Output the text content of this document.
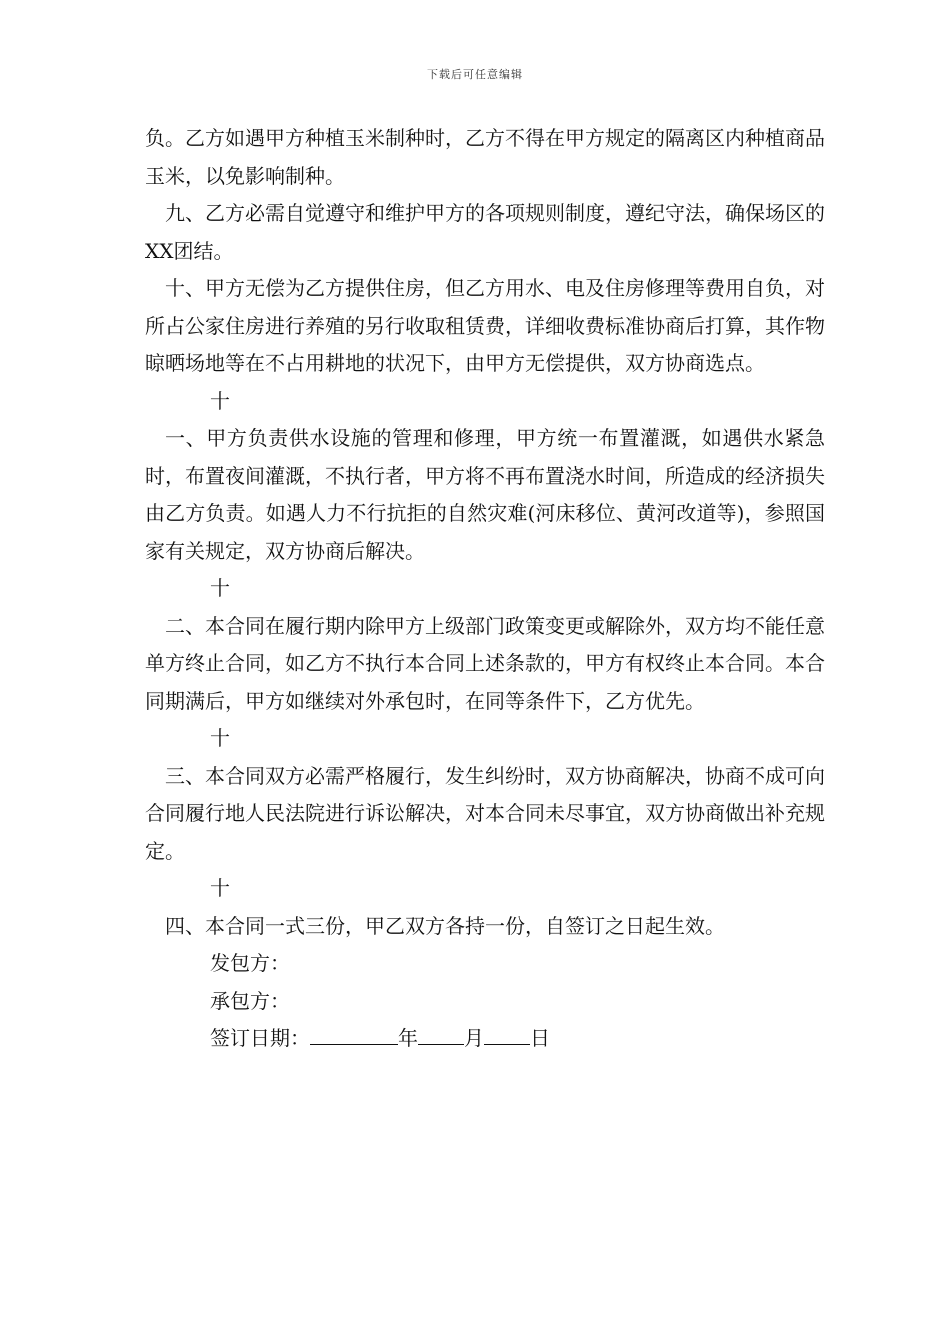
下载后可任意编辑

负。乙方如遇甲方种植玉米制种时，乙方不得在甲方规定的隔离区内种植商品玉米，以免影响制种。

九、乙方必需自觉遵守和维护甲方的各项规则制度，遵纪守法，确保场区的XX团结。

十、甲方无偿为乙方提供住房，但乙方用水、电及住房修理等费用自负，对所占公家住房进行养殖的另行收取租赁费，详细收费标准协商后打算，其作物晾晒场地等在不占用耕地的状况下，由甲方无偿提供，双方协商选点。

十

一、甲方负责供水设施的管理和修理，甲方统一布置灌溉，如遇供水紧急时，布置夜间灌溉，不执行者，甲方将不再布置浇水时间，所造成的经济损失由乙方负责。如遇人力不行抗拒的自然灾难(河床移位、黄河改道等)，参照国家有关规定，双方协商后解决。

十

二、本合同在履行期内除甲方上级部门政策变更或解除外，双方均不能任意单方终止合同，如乙方不执行本合同上述条款的，甲方有权终止本合同。本合同期满后，甲方如继续对外承包时，在同等条件下，乙方优先。

十

三、本合同双方必需严格履行，发生纠纷时，双方协商解决，协商不成可向合同履行地人民法院进行诉讼解决，对本合同未尽事宜，双方协商做出补充规定。

十

四、本合同一式三份，甲乙双方各持一份，自签订之日起生效。

发包方：

承包方：

签订日期：	年 月 日
